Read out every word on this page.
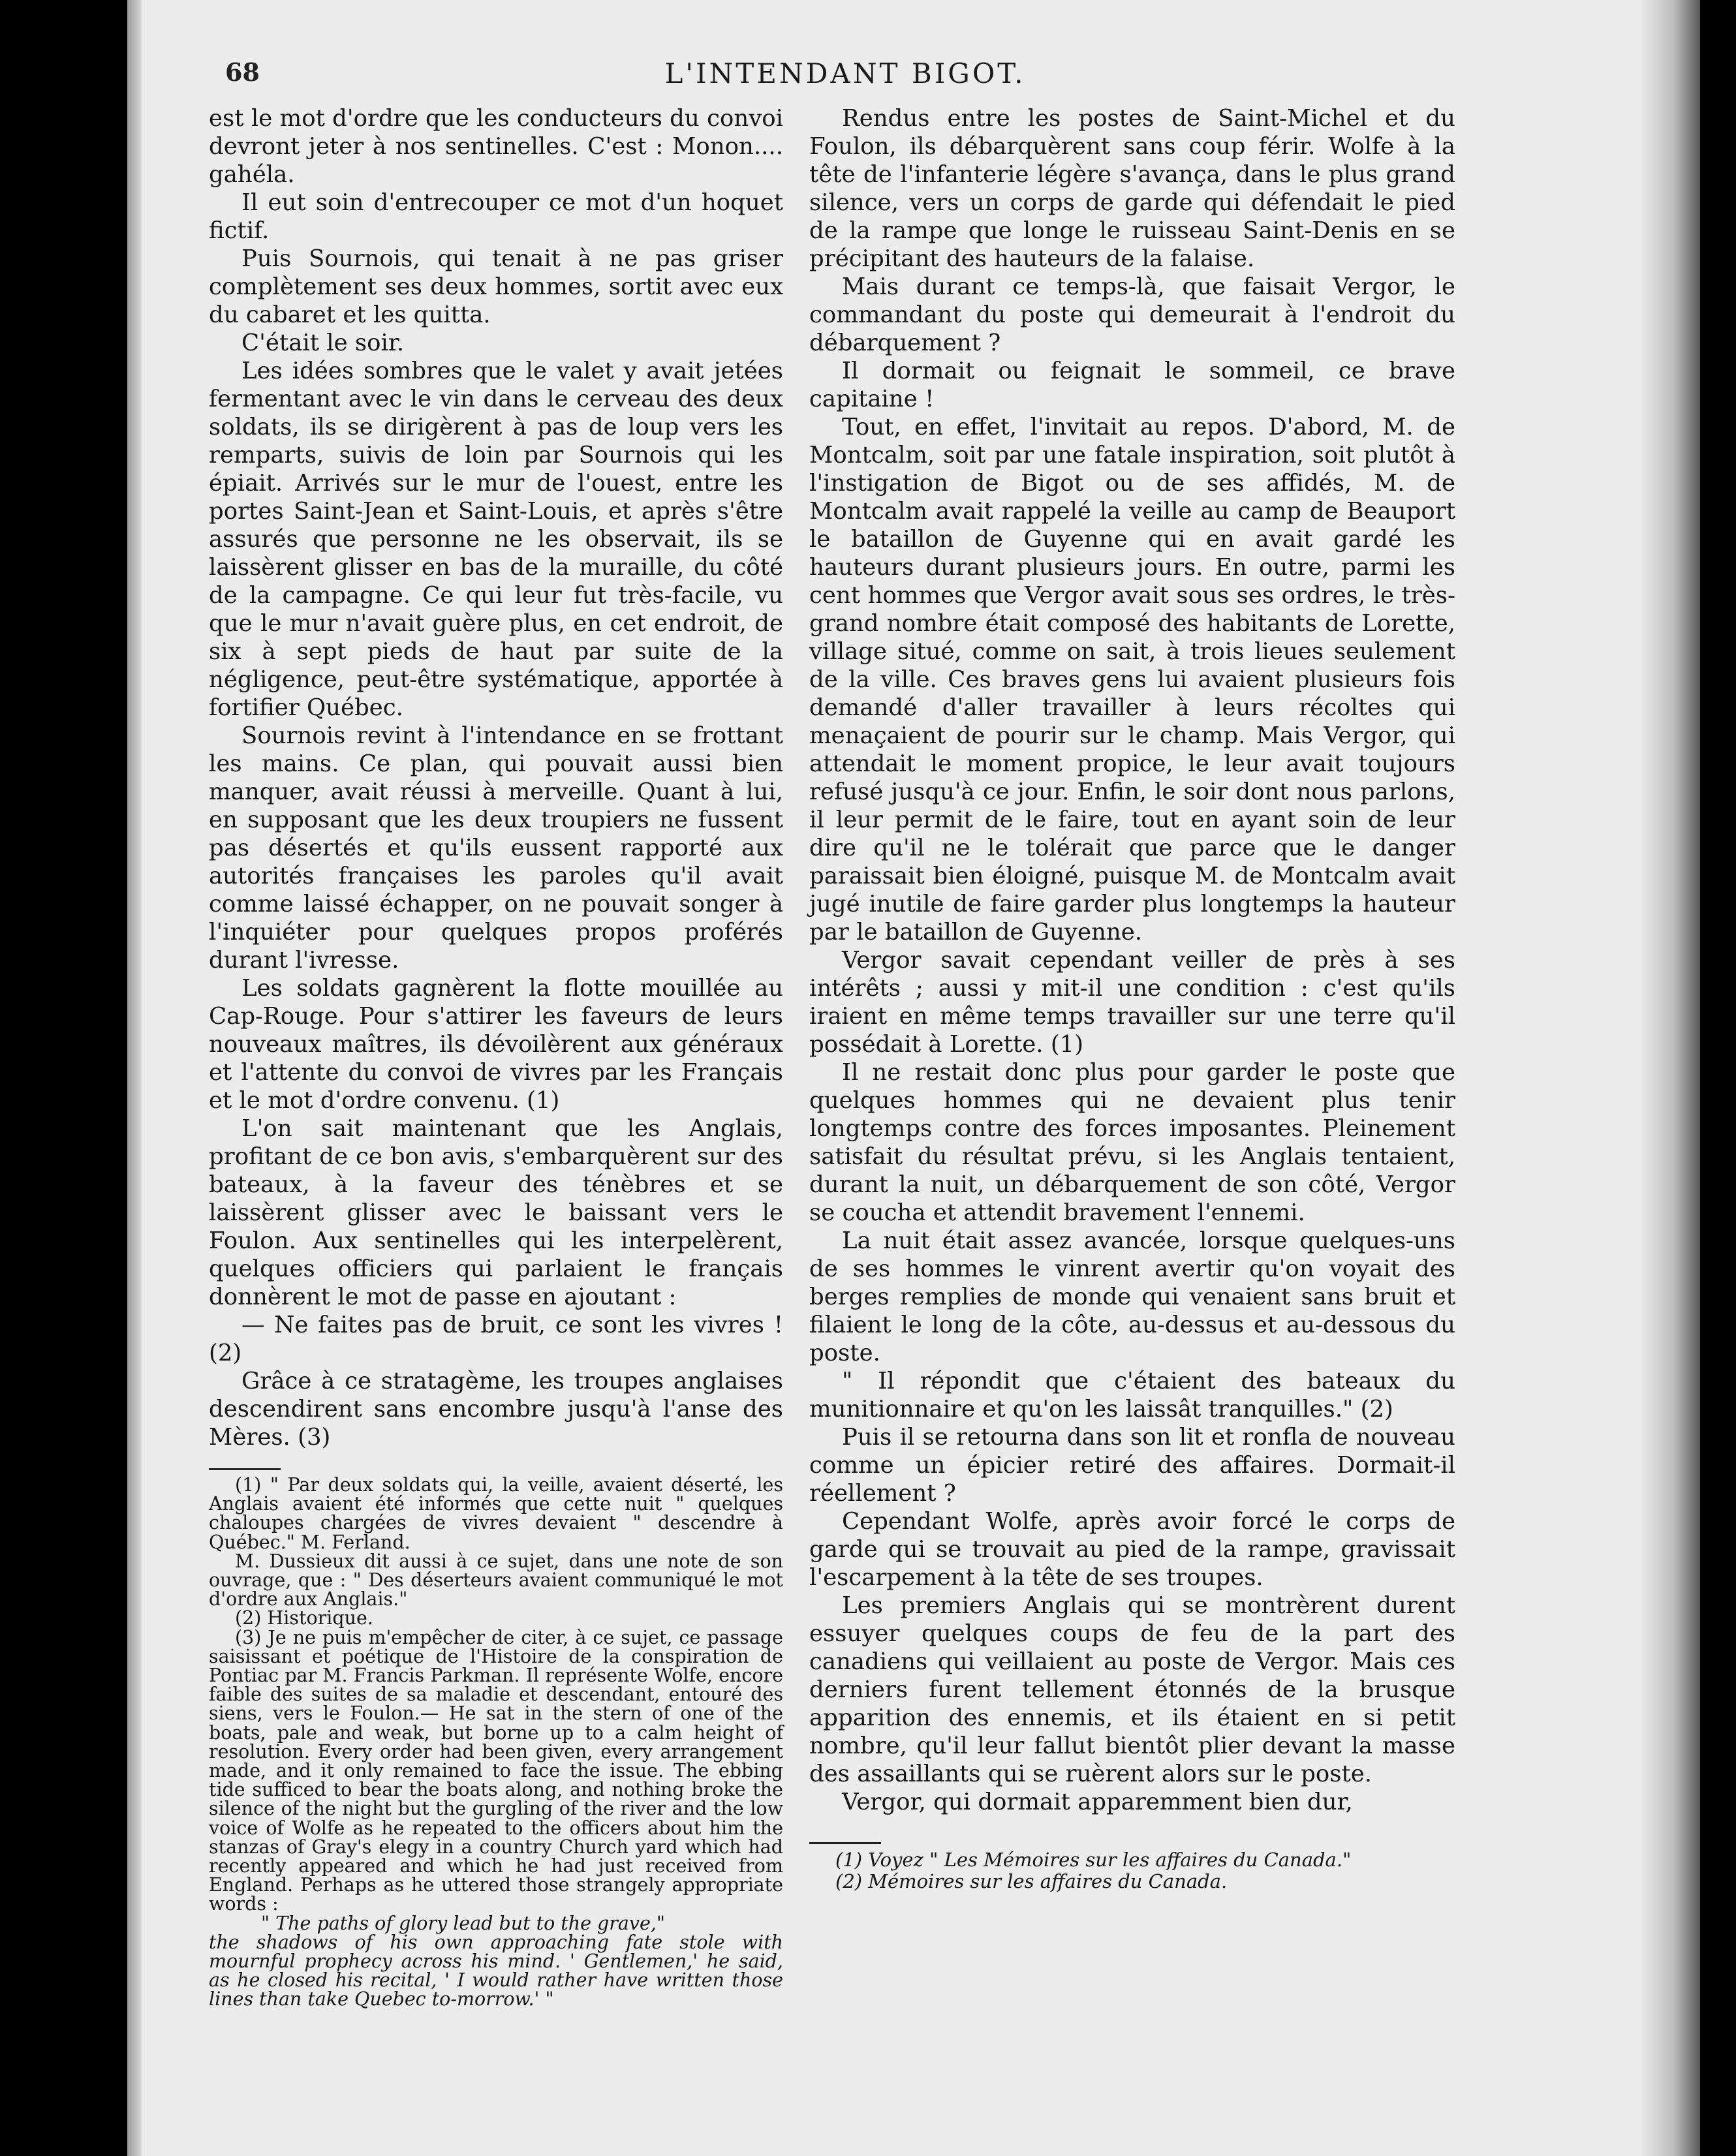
68	L'INTENDANT BIGOT.

est le mot d'ordre que les conducteurs du convoi devront jeter à nos sentinelles. C'est : Monon.... gahéla.

Il eut soin d'entrecouper ce mot d'un hoquet fictif.

Puis Sournois, qui tenait à ne pas griser complètement ses deux hommes, sortit avec eux du cabaret et les quitta.

C'était le soir.

Les idées sombres que le valet y avait jetées fermentant avec le vin dans le cerveau des deux soldats, ils se dirigèrent à pas de loup vers les remparts, suivis de loin par Sournois qui les épiait. Arrivés sur le mur de l'ouest, entre les portes Saint-Jean et Saint-Louis, et après s'être assurés que personne ne les observait, ils se laissèrent glisser en bas de la muraille, du côté de la campagne. Ce qui leur fut très-facile, vu que le mur n'avait guère plus, en cet endroit, de six à sept pieds de haut par suite de la négligence, peut-être systématique, apportée à fortifier Québec.

Sournois revint à l'intendance en se frottant les mains. Ce plan, qui pouvait aussi bien manquer, avait réussi à merveille. Quant à lui, en supposant que les deux troupiers ne fussent pas désertés et qu'ils eussent rapporté aux autorités françaises les paroles qu'il avait comme laissé échapper, on ne pouvait songer à l'inquiéter pour quelques propos proférés durant l'ivresse.

Les soldats gagnèrent la flotte mouillée au Cap-Rouge. Pour s'attirer les faveurs de leurs nouveaux maîtres, ils dévoilèrent aux généraux et l'attente du convoi de vivres par les Français et le mot d'ordre convenu. (1)

L'on sait maintenant que les Anglais, profitant de ce bon avis, s'embarquèrent sur des bateaux, à la faveur des ténèbres et se laissèrent glisser avec le baissant vers le Foulon. Aux sentinelles qui les interpelèrent, quelques officiers qui parlaient le français donnèrent le mot de passe en ajoutant :

— Ne faites pas de bruit, ce sont les vivres ! (2)

Grâce à ce stratagème, les troupes anglaises descendirent sans encombre jusqu'à l'anse des Mères. (3)

(1) " Par deux soldats qui, la veille, avaient déserté, les Anglais avaient été informés que cette nuit " quelques chaloupes chargées de vivres devaient " descendre à Québec." M. Ferland.

M. Dussieux dit aussi à ce sujet, dans une note de son ouvrage, que : " Des déserteurs avaient communiqué le mot d'ordre aux Anglais."

(2) Historique.

(3) Je ne puis m'empêcher de citer, à ce sujet, ce passage saisissant et poétique de l'Histoire de la conspiration de Pontiac par M. Francis Parkman. Il représente Wolfe, encore faible des suites de sa maladie et descendant, entouré des siens, vers le Foulon.— He sat in the stern of one of the boats, pale and weak, but borne up to a calm height of resolution. Every order had been given, every arrangement made, and it only remained to face the issue. The ebbing tide sufficed to bear the boats along, and nothing broke the silence of the night but the gurgling of the river and the low voice of Wolfe as he repeated to the officers about him the stanzas of Gray's elegy in a country Church yard which had recently appeared and which he had just received from England. Perhaps as he uttered those strangely appropriate words :

" The paths of glory lead but to the grave,"

the shadows of his own approaching fate stole with mournful prophecy across his mind. ' Gentlemen,' he said, as he closed his recital, ' I would rather have written those lines than take Quebec to-morrow.' "

Rendus entre les postes de Saint-Michel et du Foulon, ils débarquèrent sans coup férir. Wolfe à la tête de l'infanterie légère s'avança, dans le plus grand silence, vers un corps de garde qui défendait le pied de la rampe que longe le ruisseau Saint-Denis en se précipitant des hauteurs de la falaise.

Mais durant ce temps-là, que faisait Vergor, le commandant du poste qui demeurait à l'endroit du débarquement ?

Il dormait ou feignait le sommeil, ce brave capitaine !

Tout, en effet, l'invitait au repos. D'abord, M. de Montcalm, soit par une fatale inspiration, soit plutôt à l'instigation de Bigot ou de ses affidés, M. de Montcalm avait rappelé la veille au camp de Beauport le bataillon de Guyenne qui en avait gardé les hauteurs durant plusieurs jours. En outre, parmi les cent hommes que Vergor avait sous ses ordres, le très-grand nombre était composé des habitants de Lorette, village situé, comme on sait, à trois lieues seulement de la ville. Ces braves gens lui avaient plusieurs fois demandé d'aller travailler à leurs récoltes qui menaçaient de pourir sur le champ. Mais Vergor, qui attendait le moment propice, le leur avait toujours refusé jusqu'à ce jour. Enfin, le soir dont nous parlons, il leur permit de le faire, tout en ayant soin de leur dire qu'il ne le tolérait que parce que le danger paraissait bien éloigné, puisque M. de Montcalm avait jugé inutile de faire garder plus longtemps la hauteur par le bataillon de Guyenne.

Vergor savait cependant veiller de près à ses intérêts ; aussi y mit-il une condition : c'est qu'ils iraient en même temps travailler sur une terre qu'il possédait à Lorette. (1)

Il ne restait donc plus pour garder le poste que quelques hommes qui ne devaient plus tenir longtemps contre des forces imposantes. Pleinement satisfait du résultat prévu, si les Anglais tentaient, durant la nuit, un débarquement de son côté, Vergor se coucha et attendit bravement l'ennemi.

La nuit était assez avancée, lorsque quelques-uns de ses hommes le vinrent avertir qu'on voyait des berges remplies de monde qui venaient sans bruit et filaient le long de la côte, au-dessus et au-dessous du poste.

" Il répondit que c'étaient des bateaux du munitionnaire et qu'on les laissât tranquilles." (2)

Puis il se retourna dans son lit et ronfla de nouveau comme un épicier retiré des affaires. Dormait-il réellement ?

Cependant Wolfe, après avoir forcé le corps de garde qui se trouvait au pied de la rampe, gravissait l'escarpement à la tête de ses troupes.

Les premiers Anglais qui se montrèrent durent essuyer quelques coups de feu de la part des canadiens qui veillaient au poste de Vergor. Mais ces derniers furent tellement étonnés de la brusque apparition des ennemis, et ils étaient en si petit nombre, qu'il leur fallut bientôt plier devant la masse des assaillants qui se ruèrent alors sur le poste.

Vergor, qui dormait apparemment bien dur,

(1) Voyez " Les Mémoires sur les affaires du Canada."

(2) Mémoires sur les affaires du Canada.
